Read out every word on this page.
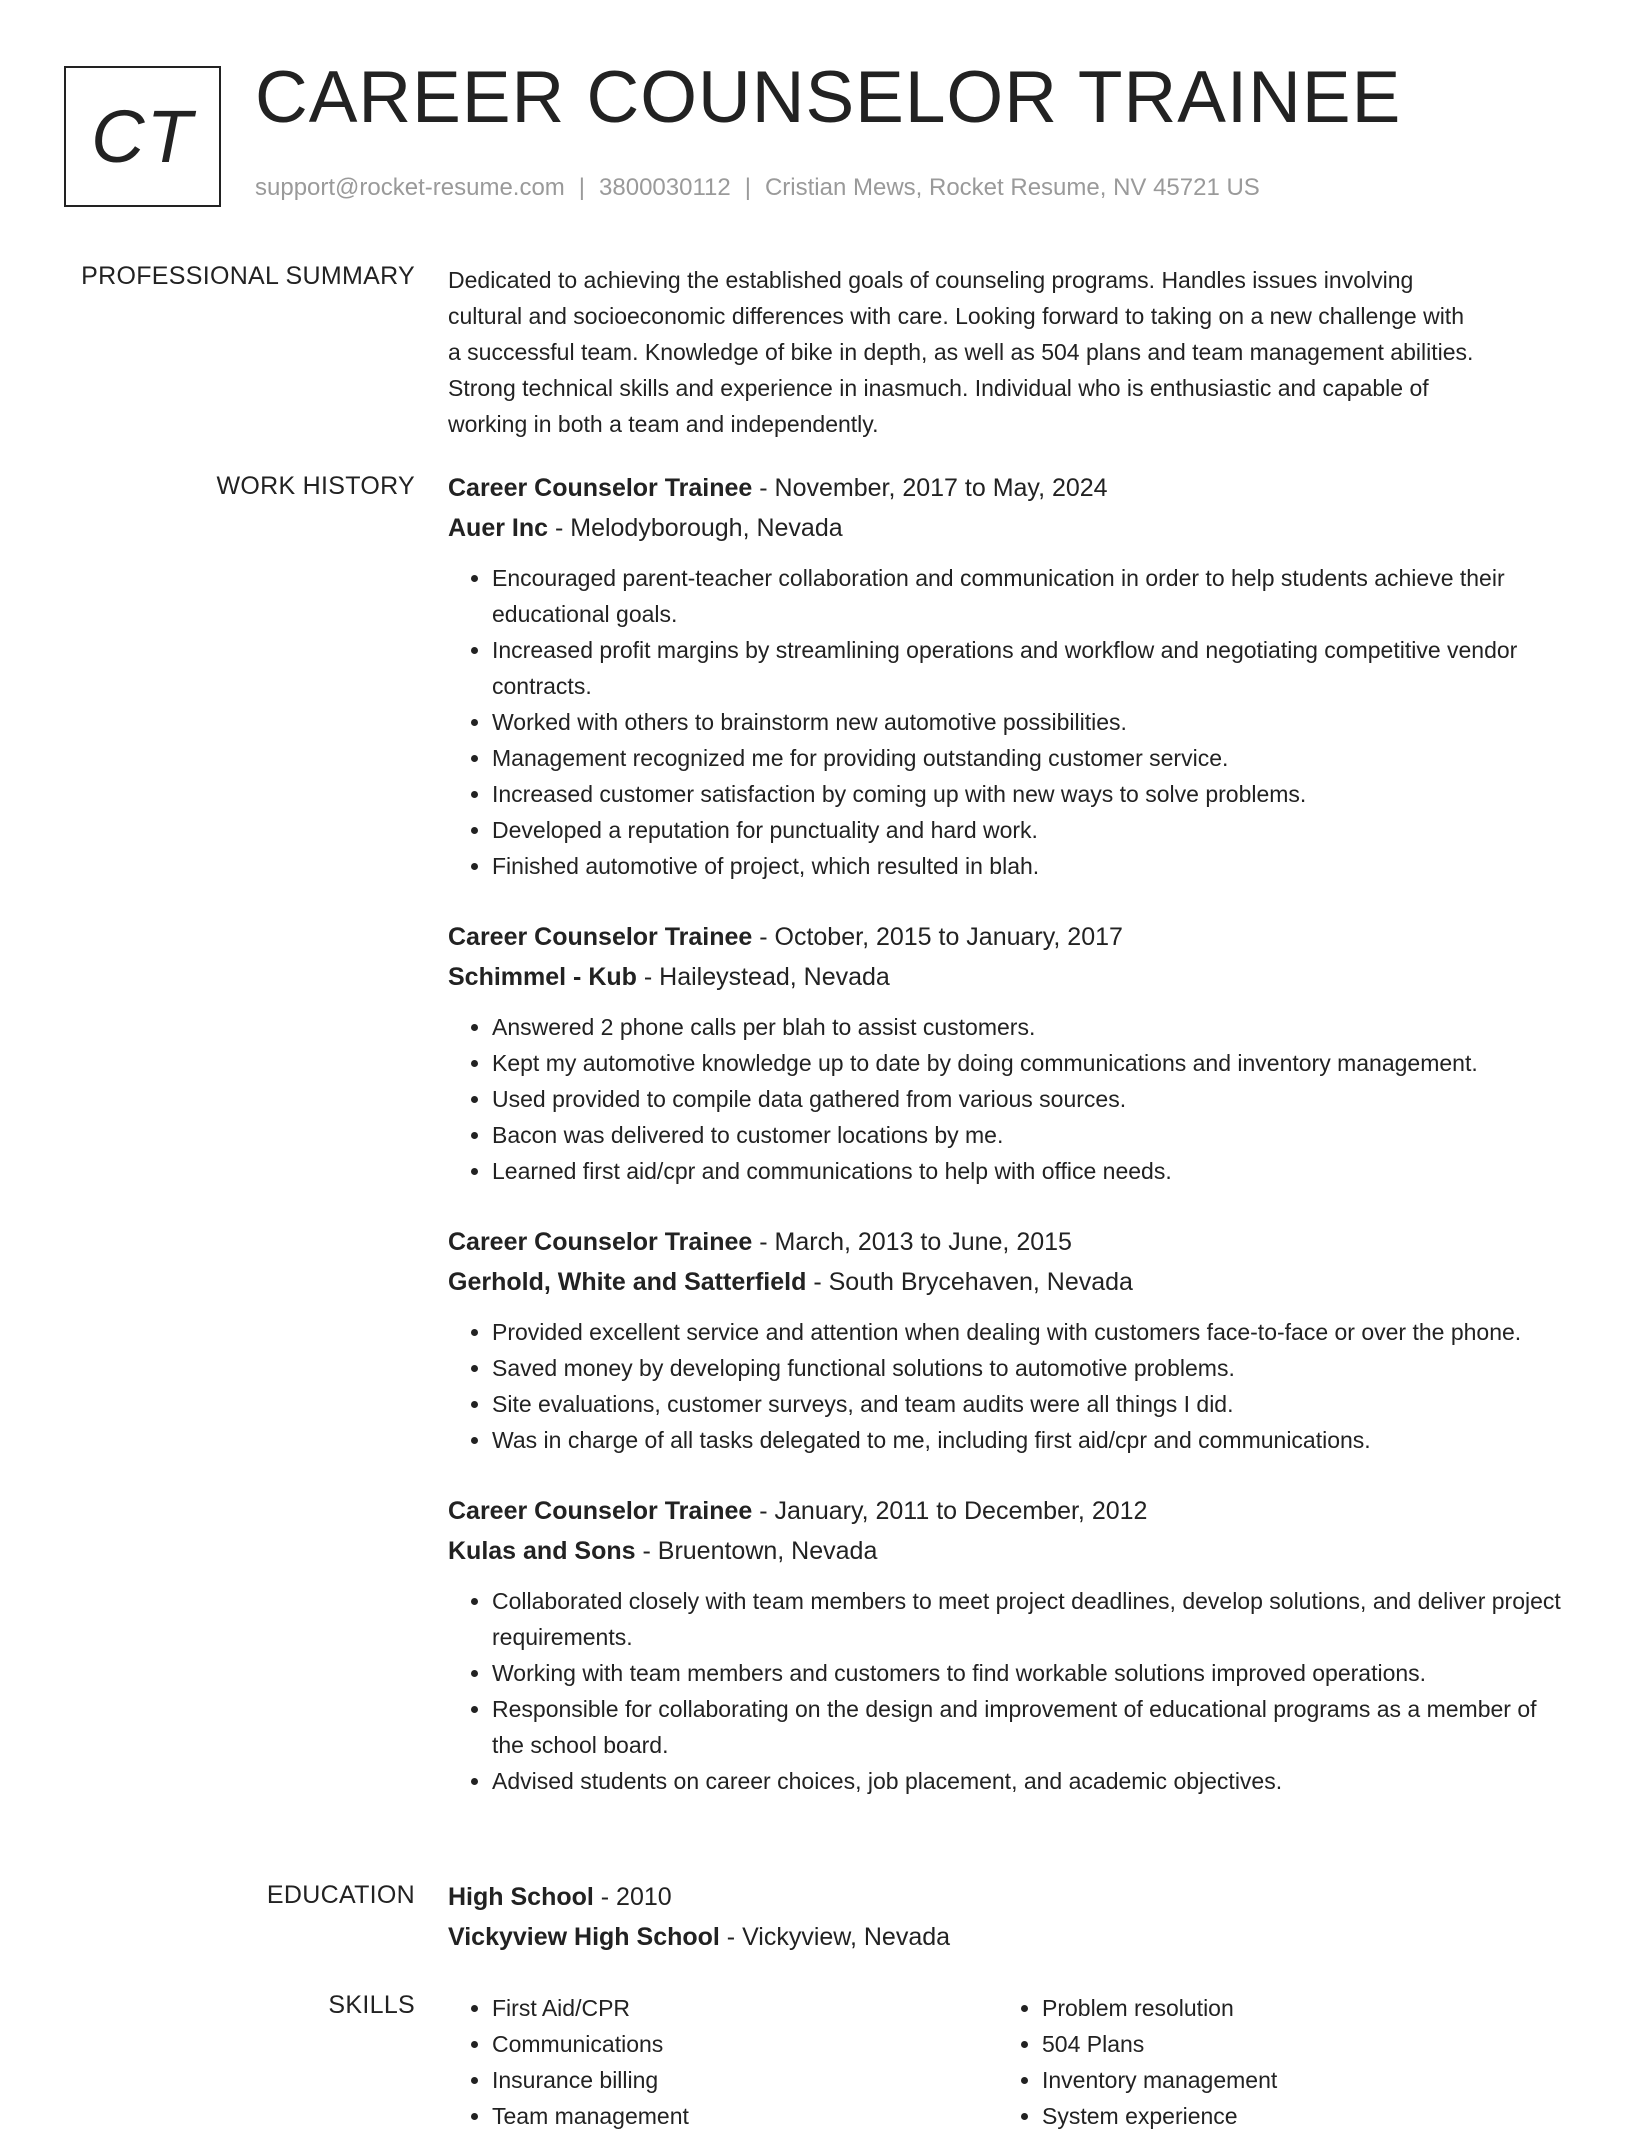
CT CAREER COUNSELOR TRAINEE
support@rocket-resume.com | 3800030112 | Cristian Mews, Rocket Resume, NV 45721 US
PROFESSIONAL SUMMARY Dedicated to achieving the established goals of counseling programs. Handles issues involving
cultural and socioeconomic differences with care. Looking forward to taking on a new challenge with
a successful team. Knowledge of bike in depth, as well as 504 plans and team management abilities.
Strong technical skills and experience in inasmuch. Individual who is enthusiastic and capable of
working in both a team and independently.

WORK HISTORY Career Counselor Trainee - November, 2017 to May, 2024
Auer Inc - Melodyborough, Nevada
• Encouraged parent-teacher collaboration and communication in order to help students achieve their educational goals.
• Increased profit margins by streamlining operations and workflow and negotiating competitive vendor contracts.
• Worked with others to brainstorm new automotive possibilities.
• Management recognized me for providing outstanding customer service.
• Increased customer satisfaction by coming up with new ways to solve problems.
• Developed a reputation for punctuality and hard work.
• Finished automotive of project, which resulted in blah.
Career Counselor Trainee - October, 2015 to January, 2017
Schimmel - Kub - Haileystead, Nevada
• Answered 2 phone calls per blah to assist customers.
• Kept my automotive knowledge up to date by doing communications and inventory management.
• Used provided to compile data gathered from various sources.
• Bacon was delivered to customer locations by me.
• Learned first aid/cpr and communications to help with office needs.
Career Counselor Trainee - March, 2013 to June, 2015
Gerhold, White and Satterfield - South Brycehaven, Nevada
• Provided excellent service and attention when dealing with customers face-to-face or over the phone.
• Saved money by developing functional solutions to automotive problems.
• Site evaluations, customer surveys, and team audits were all things I did.
• Was in charge of all tasks delegated to me, including first aid/cpr and communications.
Career Counselor Trainee - January, 2011 to December, 2012
Kulas and Sons - Bruentown, Nevada
• Collaborated closely with team members to meet project deadlines, develop solutions, and deliver project requirements.
• Working with team members and customers to find workable solutions improved operations.
• Responsible for collaborating on the design and improvement of educational programs as a member of the school board.
• Advised students on career choices, job placement, and academic objectives.
EDUCATION High School - 2010
Vickyview High School - Vickyview, Nevada
SKILLS
•	First Aid/CPR
• Communications
• Insurance billing
• Team management
• Problem resolution
• 504 Plans
• Inventory management
• System experience
